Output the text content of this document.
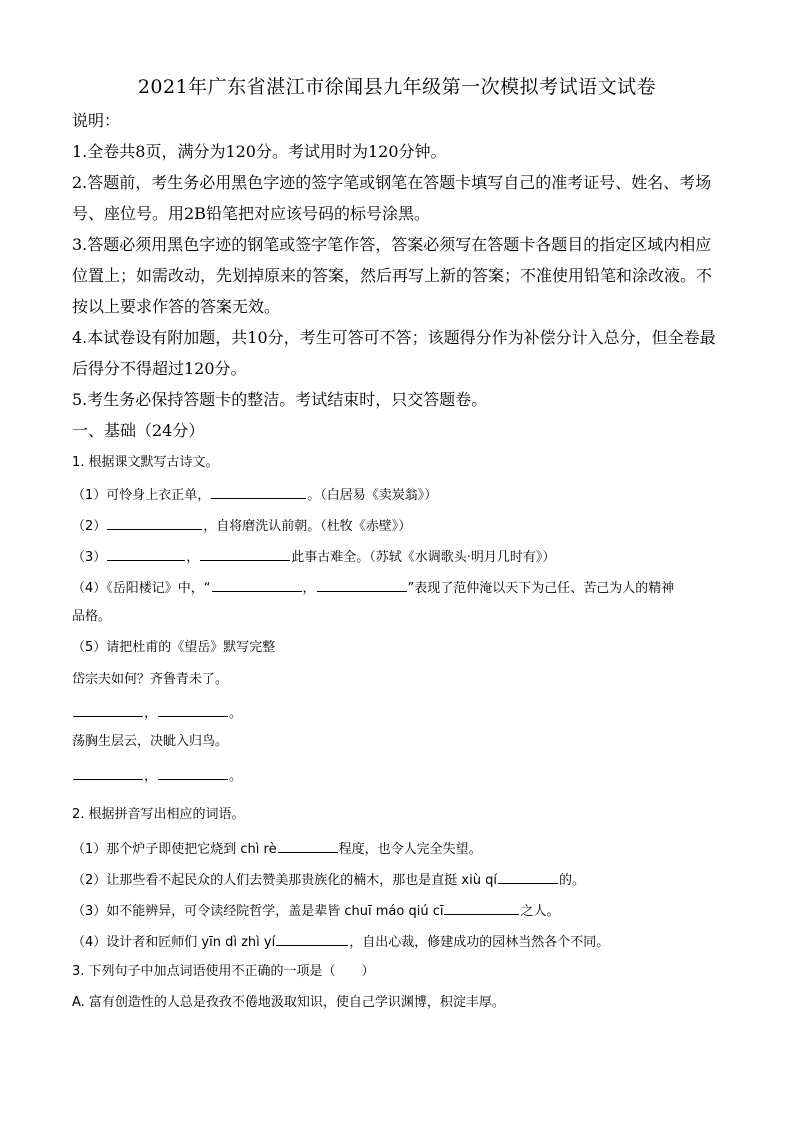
2021年广东省湛江市徐闻县九年级第一次模拟考试语文试卷
说明：
1.全卷共8页，满分为120分。考试用时为120分钟。
2.答题前，考生务必用黑色字迹的签字笔或钢笔在答题卡填写自己的准考证号、姓名、考场
号、座位号。用2B铅笔把对应该号码的标号涂黑。
3.答题必须用黑色字迹的钢笔或签字笔作答，答案必须写在答题卡各题目的指定区域内相应
位置上；如需改动，先划掉原来的答案，然后再写上新的答案；不准使用铅笔和涂改液。不
按以上要求作答的答案无效。
4.本试卷设有附加题，共10分，考生可答可不答；该题得分作为补偿分计入总分，但全卷最
后得分不得超过120分。
5.考生务必保持答题卡的整洁。考试结束时，只交答题卷。
一、基础（24分）
1. 根据课文默写古诗文。
（1）可怜身上衣正单，	。（白居易《卖炭翁》）
（2）	，自将磨洗认前朝。（杜牧《赤壁》）
（3）	，	此事古难全。（苏轼《水调歌头·明月几时有》）
（4）《岳阳楼记》中，“	，	”表现了范仲淹以天下为己任、苦己为人的精神
品格。
（5）请把杜甫的《望岳》默写完整
岱宗夫如何？齐鲁青未了。
，	。
荡胸生层云，决眦入归鸟。
，	。
2. 根据拼音写出相应的词语。
（1）那个炉子即使把它烧到 chì rè	程度，也令人完全失望。
（2）让那些看不起民众的人们去赞美那贵族化的楠木，那也是直挺 xiù qí	的。
（3）如不能辨异，可令读经院哲学，盖是辈皆 chuī máo qiú cī	之人。
（4）设计者和匠师们 yīn dì zhì yí	，自出心裁，修建成功的园林当然各个不同。
3. 下列句子中加点词语使用不正确的一项是（　　）
A. 富有创造性的人总是孜孜不倦地汲取知识，使自己学识渊博，积淀丰厚。
